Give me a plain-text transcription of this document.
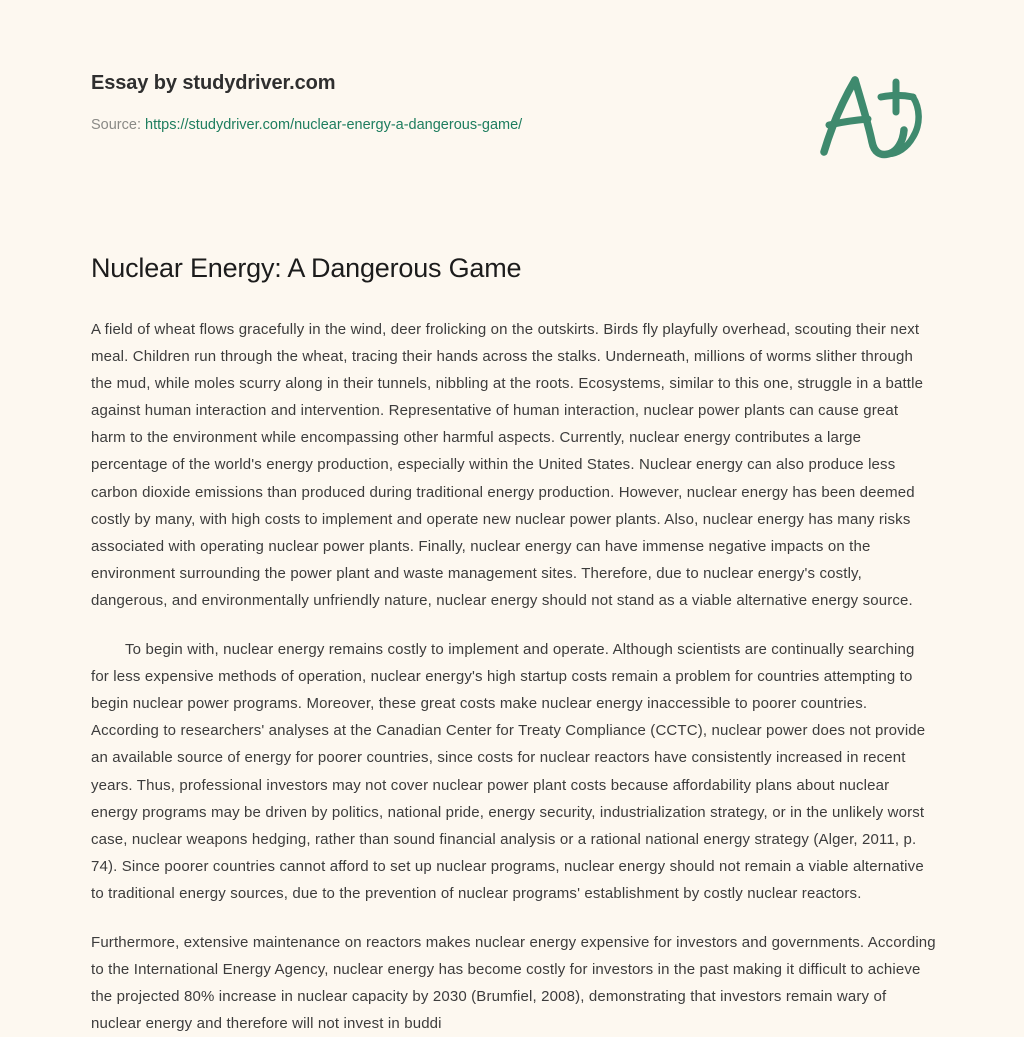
Essay by studydriver.com
Source: https://studydriver.com/nuclear-energy-a-dangerous-game/
Nuclear Energy: A Dangerous Game

A field of wheat flows gracefully in the wind, deer frolicking on the outskirts. Birds fly playfully overhead, scouting their next meal. Children run through the wheat, tracing their hands across the stalks. Underneath, millions of worms slither through the mud, while moles scurry along in their tunnels, nibbling at the roots. Ecosystems, similar to this one, struggle in a battle against human interaction and intervention. Representative of human interaction, nuclear power plants can cause great harm to the environment while encompassing other harmful aspects. Currently, nuclear energy contributes a large percentage of the world's energy production, especially within the United States. Nuclear energy can also produce less carbon dioxide emissions than produced during traditional energy production. However, nuclear energy has been deemed costly by many, with high costs to implement and operate new nuclear power plants. Also, nuclear energy has many risks associated with operating nuclear power plants. Finally, nuclear energy can have immense negative impacts on the environment surrounding the power plant and waste management sites. Therefore, due to nuclear energy's costly, dangerous, and environmentally unfriendly nature, nuclear energy should not stand as a viable alternative energy source.

To begin with, nuclear energy remains costly to implement and operate. Although scientists are continually searching for less expensive methods of operation, nuclear energy's high startup costs remain a problem for countries attempting to begin nuclear power programs. Moreover, these great costs make nuclear energy inaccessible to poorer countries. According to researchers' analyses at the Canadian Center for Treaty Compliance (CCTC), nuclear power does not provide an available source of energy for poorer countries, since costs for nuclear reactors have consistently increased in recent years. Thus, professional investors may not cover nuclear power plant costs because affordability plans about nuclear energy programs may be driven by politics, national pride, energy security, industrialization strategy, or in the unlikely worst case, nuclear weapons hedging, rather than sound financial analysis or a rational national energy strategy (Alger, 2011, p. 74). Since poorer countries cannot afford to set up nuclear programs, nuclear energy should not remain a viable alternative to traditional energy sources, due to the prevention of nuclear programs' establishment by costly nuclear reactors.

Furthermore, extensive maintenance on reactors makes nuclear energy expensive for investors and governments. According to the International Energy Agency, nuclear energy has become costly for investors in the past making it difficult to achieve the projected 80% increase in nuclear capacity by 2030 (Brumfiel, 2008), demonstrating that investors remain wary of nuclear energy and therefore will not invest in buddi
